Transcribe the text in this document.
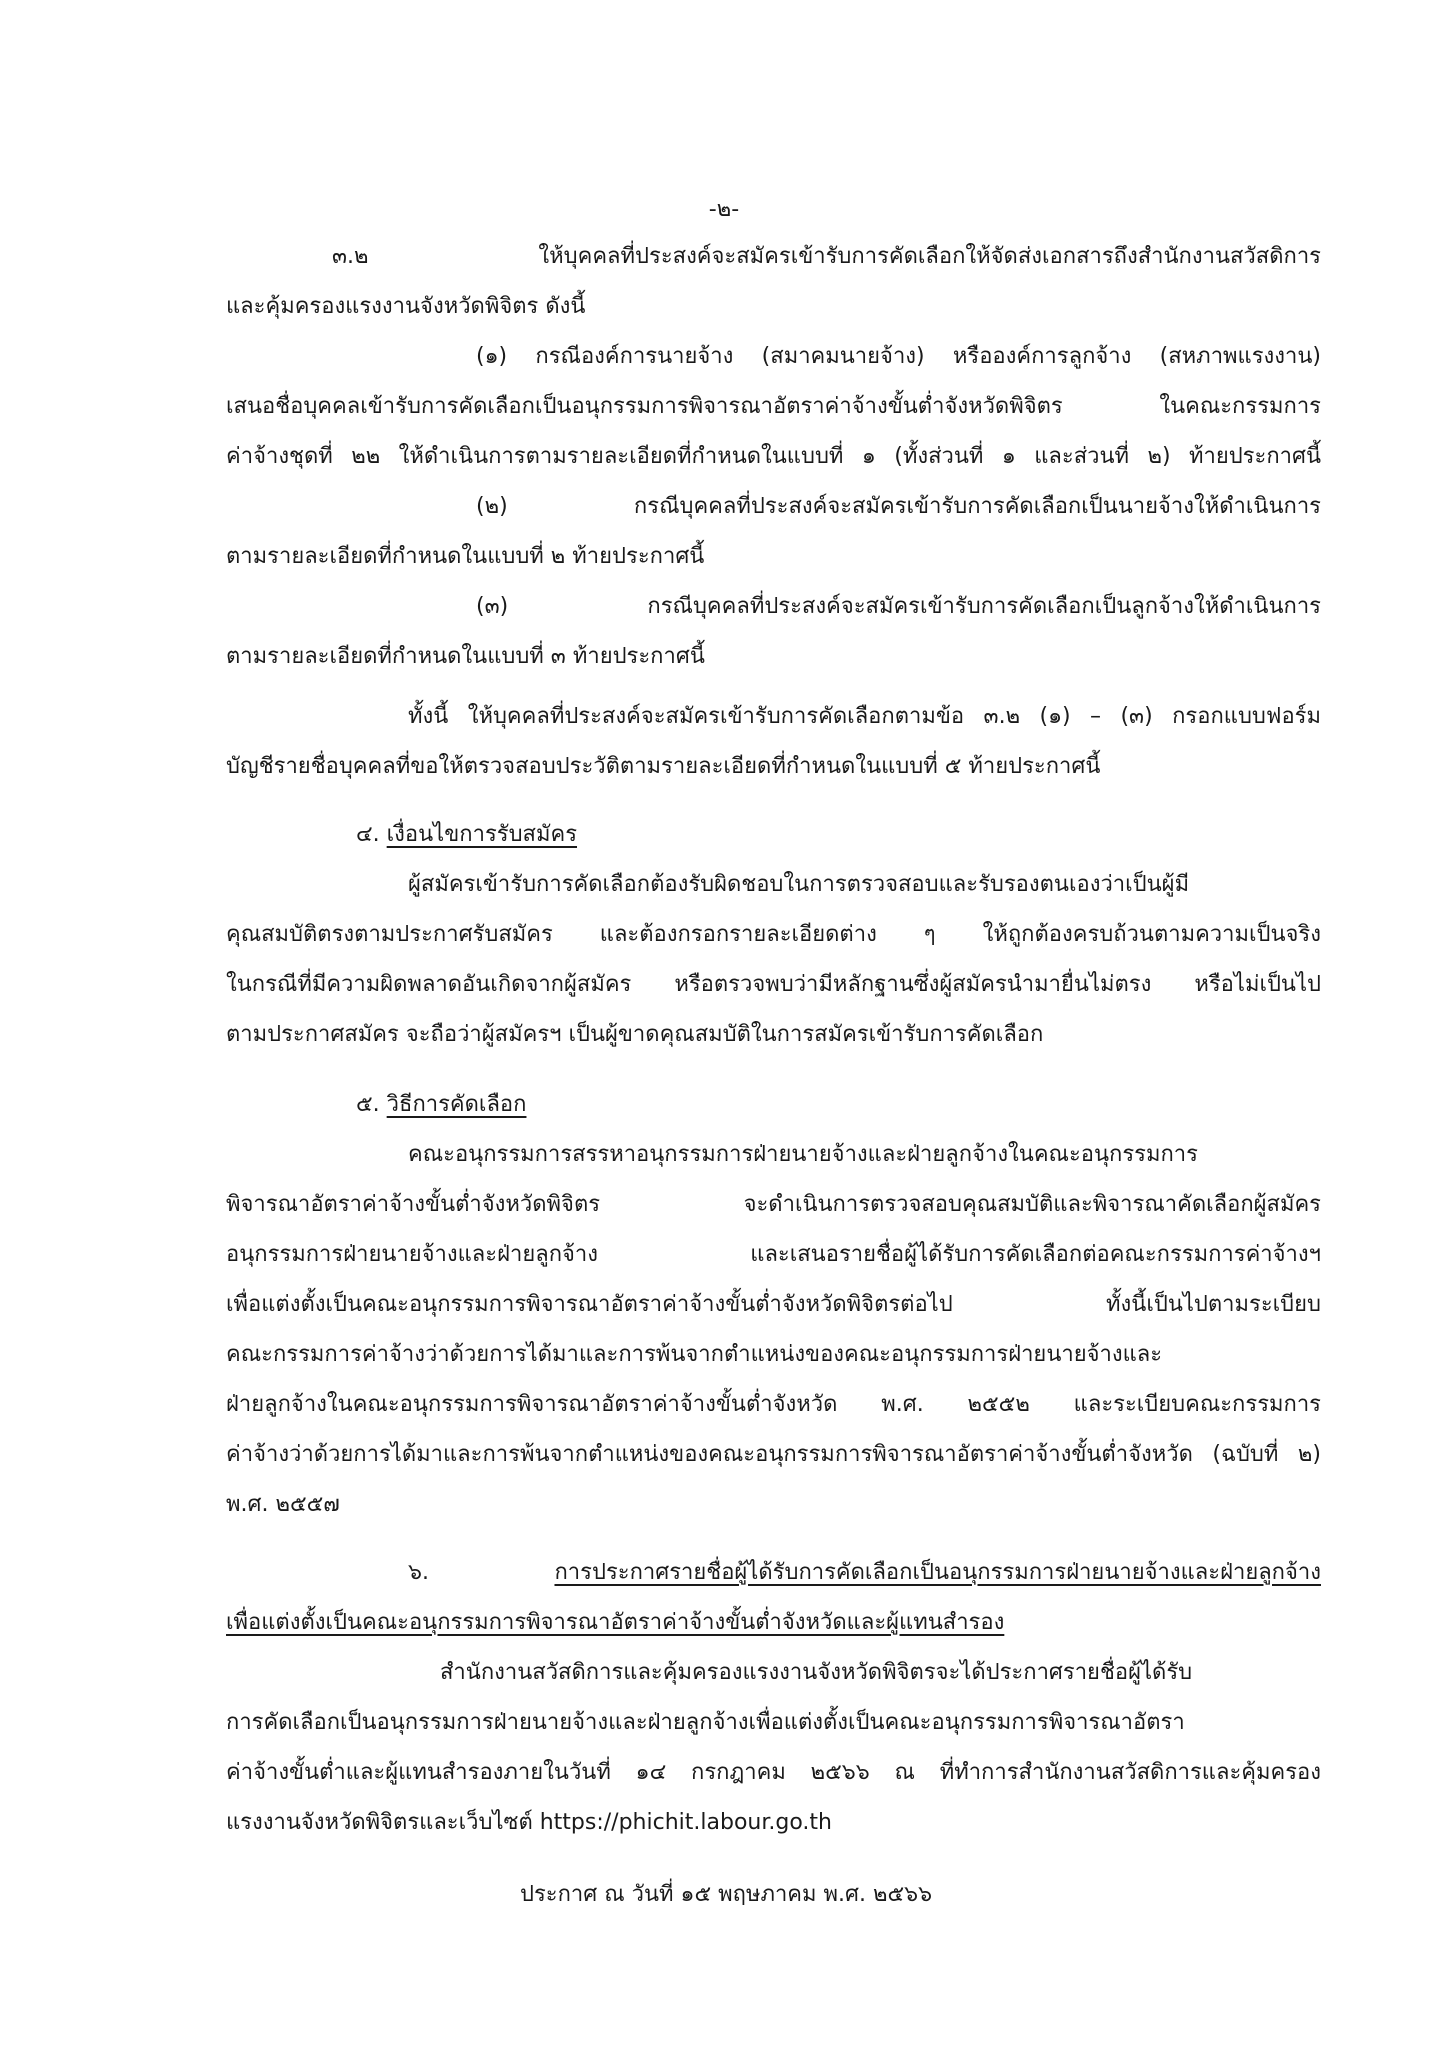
-๒-

๓.๒ ให้บุคคลที่ประสงค์จะสมัครเข้ารับการคัดเลือกให้จัดส่งเอกสารถึงสำนักงานสวัสดิการ

และคุ้มครองแรงงานจังหวัดพิจิตร ดังนี้

(๑) กรณีองค์การนายจ้าง (สมาคมนายจ้าง) หรือองค์การลูกจ้าง (สหภาพแรงงาน)

เสนอชื่อบุคคลเข้ารับการคัดเลือกเป็นอนุกรรมการพิจารณาอัตราค่าจ้างขั้นต่ำจังหวัดพิจิตร ในคณะกรรมการ

ค่าจ้างชุดที่ ๒๒ ให้ดำเนินการตามรายละเอียดที่กำหนดในแบบที่ ๑ (ทั้งส่วนที่ ๑ และส่วนที่ ๒) ท้ายประกาศนี้

(๒) กรณีบุคคลที่ประสงค์จะสมัครเข้ารับการคัดเลือกเป็นนายจ้างให้ดำเนินการ

ตามรายละเอียดที่กำหนดในแบบที่ ๒ ท้ายประกาศนี้

(๓) กรณีบุคคลที่ประสงค์จะสมัครเข้ารับการคัดเลือกเป็นลูกจ้างให้ดำเนินการ

ตามรายละเอียดที่กำหนดในแบบที่ ๓ ท้ายประกาศนี้

ทั้งนี้ ให้บุคคลที่ประสงค์จะสมัครเข้ารับการคัดเลือกตามข้อ ๓.๒ (๑) – (๓) กรอกแบบฟอร์ม

บัญชีรายชื่อบุคคลที่ขอให้ตรวจสอบประวัติตามรายละเอียดที่กำหนดในแบบที่ ๕ ท้ายประกาศนี้

๔. เงื่อนไขการรับสมัคร

ผู้สมัครเข้ารับการคัดเลือกต้องรับผิดชอบในการตรวจสอบและรับรองตนเองว่าเป็นผู้มี

คุณสมบัติตรงตามประกาศรับสมัคร และต้องกรอกรายละเอียดต่าง ๆ ให้ถูกต้องครบถ้วนตามความเป็นจริง

ในกรณีที่มีความผิดพลาดอันเกิดจากผู้สมัคร หรือตรวจพบว่ามีหลักฐานซึ่งผู้สมัครนำมายื่นไม่ตรง หรือไม่เป็นไป

ตามประกาศสมัคร จะถือว่าผู้สมัครฯ เป็นผู้ขาดคุณสมบัติในการสมัครเข้ารับการคัดเลือก

๕. วิธีการคัดเลือก

คณะอนุกรรมการสรรหาอนุกรรมการฝ่ายนายจ้างและฝ่ายลูกจ้างในคณะอนุกรรมการ

พิจารณาอัตราค่าจ้างขั้นต่ำจังหวัดพิจิตร จะดำเนินการตรวจสอบคุณสมบัติและพิจารณาคัดเลือกผู้สมัคร

อนุกรรมการฝ่ายนายจ้างและฝ่ายลูกจ้าง และเสนอรายชื่อผู้ได้รับการคัดเลือกต่อคณะกรรมการค่าจ้างฯ

เพื่อแต่งตั้งเป็นคณะอนุกรรมการพิจารณาอัตราค่าจ้างขั้นต่ำจังหวัดพิจิตรต่อไป ทั้งนี้เป็นไปตามระเบียบ

คณะกรรมการค่าจ้างว่าด้วยการได้มาและการพ้นจากตำแหน่งของคณะอนุกรรมการฝ่ายนายจ้างและ

ฝ่ายลูกจ้างในคณะอนุกรรมการพิจารณาอัตราค่าจ้างขั้นต่ำจังหวัด พ.ศ. ๒๕๕๒ และระเบียบคณะกรรมการ

ค่าจ้างว่าด้วยการได้มาและการพ้นจากตำแหน่งของคณะอนุกรรมการพิจารณาอัตราค่าจ้างขั้นต่ำจังหวัด (ฉบับที่ ๒)

พ.ศ. ๒๕๕๗

๖.	การประกาศรายชื่อผู้ได้รับการคัดเลือกเป็นอนุกรรมการฝ่ายนายจ้างและฝ่ายลูกจ้าง

เพื่อแต่งตั้งเป็นคณะอนุกรรมการพิจารณาอัตราค่าจ้างขั้นต่ำจังหวัดและผู้แทนสำรอง

สำนักงานสวัสดิการและคุ้มครองแรงงานจังหวัดพิจิตรจะได้ประกาศรายชื่อผู้ได้รับ

การคัดเลือกเป็นอนุกรรมการฝ่ายนายจ้างและฝ่ายลูกจ้างเพื่อแต่งตั้งเป็นคณะอนุกรรมการพิจารณาอัตรา

ค่าจ้างขั้นต่ำและผู้แทนสำรองภายในวันที่ ๑๔ กรกฎาคม ๒๕๖๖ ณ ที่ทำการสำนักงานสวัสดิการและคุ้มครอง

แรงงานจังหวัดพิจิตรและเว็บไซต์ https://phichit.labour.go.th

ประกาศ ณ วันที่ ๑๕ พฤษภาคม พ.ศ. ๒๕๖๖
